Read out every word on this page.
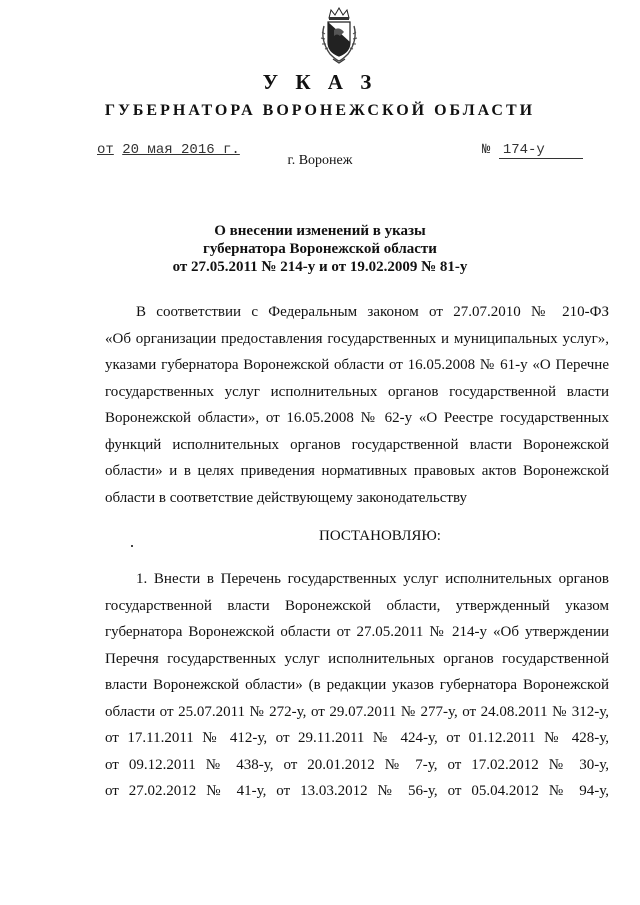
У К А З
ГУБЕРНАТОРА ВОРОНЕЖСКОЙ ОБЛАСТИ
от 20 мая 2016 г.	№ 174-у
г. Воронеж
О внесении изменений в указы
губернатора Воронежской области
от 27.05.2011 № 214-у и от 19.02.2009 № 81-у
В соответствии с Федеральным законом от 27.07.2010 № 210-ФЗ
«Об организации предоставления государственных и муниципальных услуг»,
указами губернатора Воронежской области от 16.05.2008 № 61-у «О Перечне
государственных услуг исполнительных органов государственной власти
Воронежской области», от 16.05.2008 № 62-у «О Реестре государственных
функций исполнительных органов государственной власти Воронежской
области» и в целях приведения нормативных правовых актов Воронежской
области в соответствие действующему законодательству
ПОСТАНОВЛЯЮ:
1. Внести в Перечень государственных услуг исполнительных органов
государственной власти Воронежской области, утвержденный указом
губернатора Воронежской области от 27.05.2011 № 214-у «Об утверждении
Перечня государственных услуг исполнительных органов государственной
власти Воронежской области» (в редакции указов губернатора Воронежской
области от 25.07.2011 № 272-у, от 29.07.2011 № 277-у, от 24.08.2011 № 312-у,
от 17.11.2011 № 412-у, от 29.11.2011 № 424-у, от 01.12.2011 № 428-у,
от 09.12.2011 № 438-у, от 20.01.2012 № 7-у, от 17.02.2012 № 30-у,
от 27.02.2012 № 41-у, от 13.03.2012 № 56-у, от 05.04.2012 № 94-у,
